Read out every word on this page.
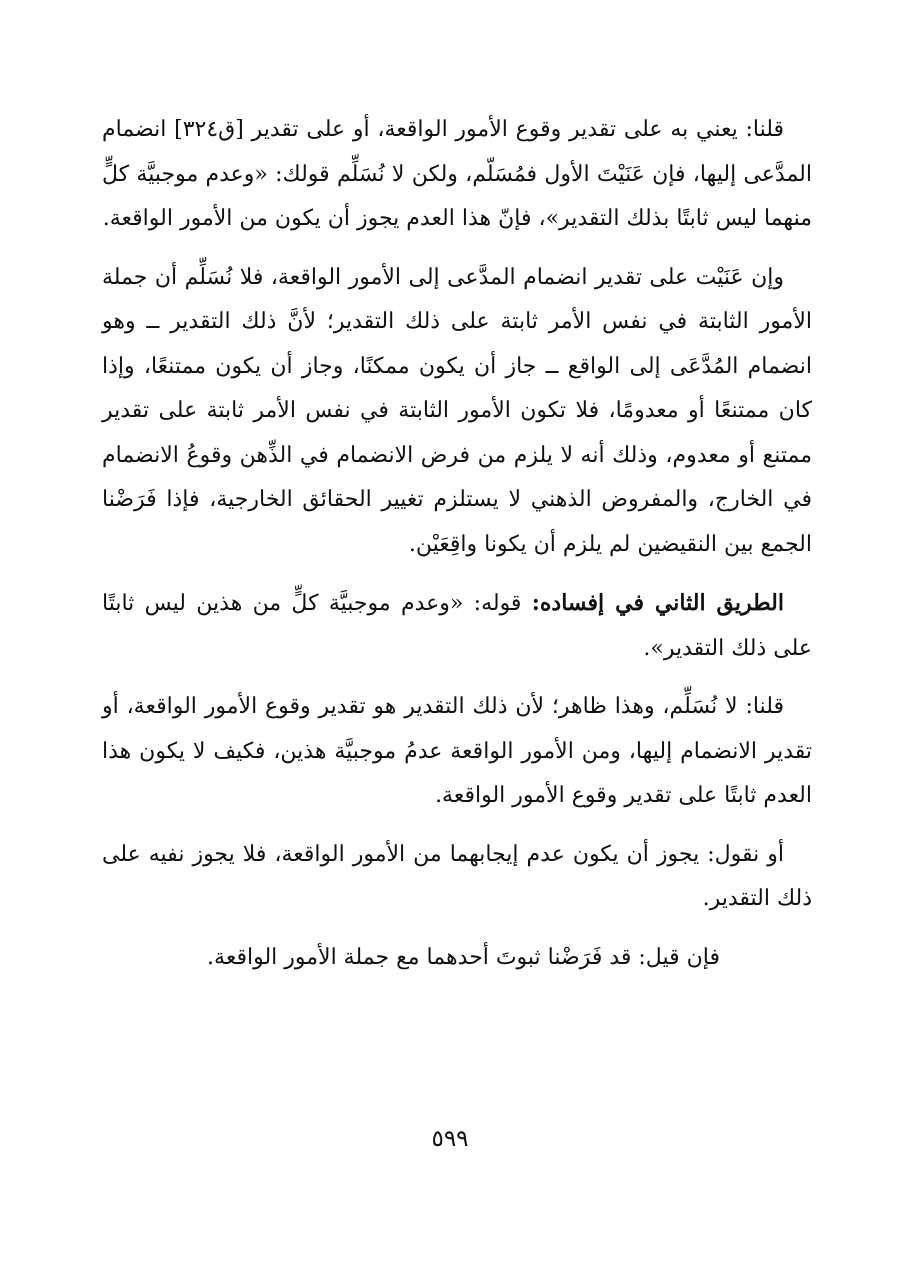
قلنا: يعني به على تقدير وقوع الأمور الواقعة، أو على تقدير [ق٣٢٤] انضمام المدَّعى إليها، فإن عَنَيْتَ الأول فمُسَلّم، ولكن لا نُسَلِّم قولك: «وعدم موجبيَّة كلٍّ منهما ليس ثابتًا بذلك التقدير»، فإنّ هذا العدم يجوز أن يكون من الأمور الواقعة.

وإن عَنَيْت على تقدير انضمام المدَّعى إلى الأمور الواقعة، فلا نُسَلِّم أن جملة الأمور الثابتة في نفس الأمر ثابتة على ذلك التقدير؛ لأنَّ ذلك التقدير ــ وهو انضمام المُدَّعَى إلى الواقع ــ جاز أن يكون ممكنًا، وجاز أن يكون ممتنعًا، وإذا كان ممتنعًا أو معدومًا، فلا تكون الأمور الثابتة في نفس الأمر ثابتة على تقدير ممتنع أو معدوم، وذلك أنه لا يلزم من فرض الانضمام في الذِّهن وقوعُ الانضمام في الخارج، والمفروض الذهني لا يستلزم تغيير الحقائق الخارجية، فإذا فَرَضْنا الجمع بين النقيضين لم يلزم أن يكونا واقِعَيْن.

الطريق الثاني في إفساده: قوله: «وعدم موجبيَّة كلٍّ من هذين ليس ثابتًا على ذلك التقدير».

قلنا: لا نُسَلِّم، وهذا ظاهر؛ لأن ذلك التقدير هو تقدير وقوع الأمور الواقعة، أو تقدير الانضمام إليها، ومن الأمور الواقعة عدمُ موجبيَّة هذين، فكيف لا يكون هذا العدم ثابتًا على تقدير وقوع الأمور الواقعة.

أو نقول: يجوز أن يكون عدم إيجابهما من الأمور الواقعة، فلا يجوز نفيه على ذلك التقدير.

فإن قيل: قد فَرَضْنا ثبوتَ أحدهما مع جملة الأمور الواقعة.

٥٩٩
